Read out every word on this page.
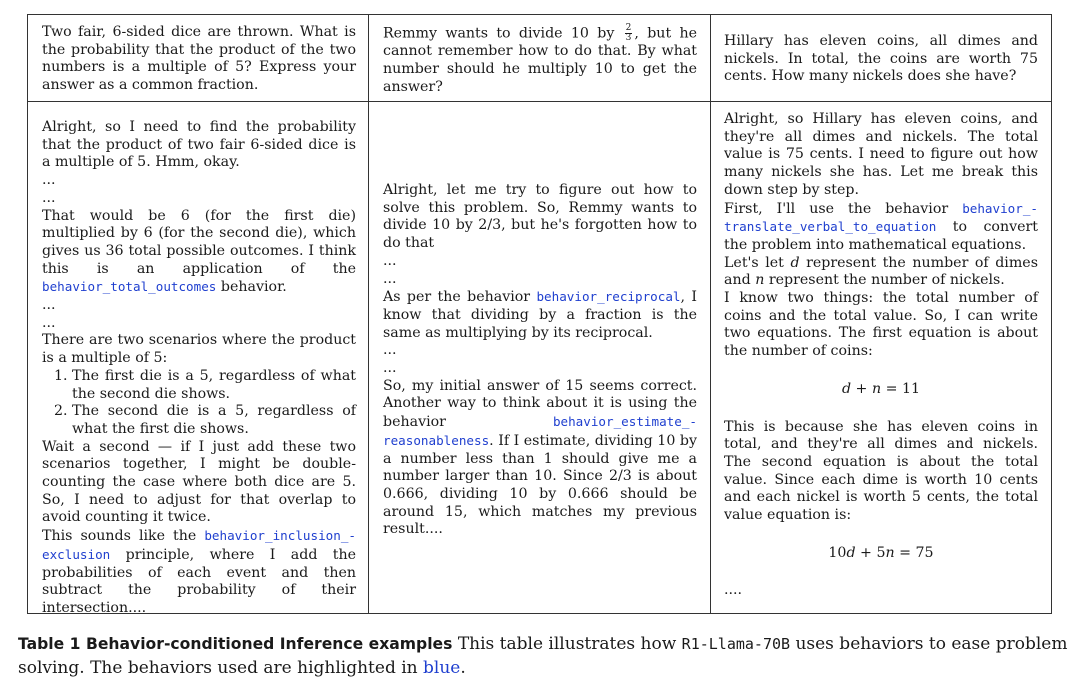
Two fair, 6-sided dice are thrown. What is the probability that the product of the two numbers is a multiple of 5? Express your answer as a common fraction.
Remmy wants to divide 10 by $\frac{2}{3}$ , but he cannot remember how to do that. By what number should he multiply 10 to get the answer?
Hillary has eleven coins, all dimes and nickels. In total, the coins are worth 75 cents. How many nickels does she have?

Alright, so I need to find the probability that the product of two fair 6-sided dice is a multiple of 5. Hmm, okay.

...

...

That would be 6 (for the first die) multiplied by 6 (for the second die), which gives us 36 total possible outcomes. I think this is an application of the behavior_total_outcomes behavior.

...

...

There are two scenarios where the product is a multiple of 5:

1. The first die is a 5, regardless of what the second die shows.
2. The second die is a 5, regardless of what the first die shows.

Wait a second — if I just add these two scenarios together, I might be double-counting the case where both dice are 5. So, I need to adjust for that overlap to avoid counting it twice.

This sounds like the behavior_inclusion_-exclusion principle, where I add the probabilities of each event and then subtract the probability of their intersection....

Alright, let me try to figure out how to solve this problem. So, Remmy wants to divide 10 by 2/3, but he's forgotten how to do that

...

...

As per the behavior behavior_reciprocal, I know that dividing by a fraction is the same as multiplying by its reciprocal.

...

...

So, my initial answer of 15 seems correct. Another way to think about it is using the behavior	behavior_estimate_-reasonableness. If I estimate, dividing 10 by a number less than 1 should give me a number larger than 10. Since 2/3 is about 0.666, dividing 10 by 0.666 should be around 15, which matches my previous result....

Alright, so Hillary has eleven coins, and they're all dimes and nickels. The total value is 75 cents. I need to figure out how many nickels she has. Let me break this down step by step.

First, I'll use the behavior behavior_-translate_verbal_to_equation to convert the problem into mathematical equations.

Let's let d represent the number of dimes and n represent the number of nickels.

I know two things: the total number of coins and the total value. So, I can write two equations. The first equation is about the number of coins:

d + n = 11

This is because she has eleven coins in total, and they're all dimes and nickels. The second equation is about the total value. Since each dime is worth 10 cents and each nickel is worth 5 cents, the total value equation is:

10d + 5n = 75

....

Table 1 Behavior-conditioned Inference examples This table illustrates how R1-Llama-70B uses behaviors to ease problem solving. The behaviors used are highlighted in blue.
